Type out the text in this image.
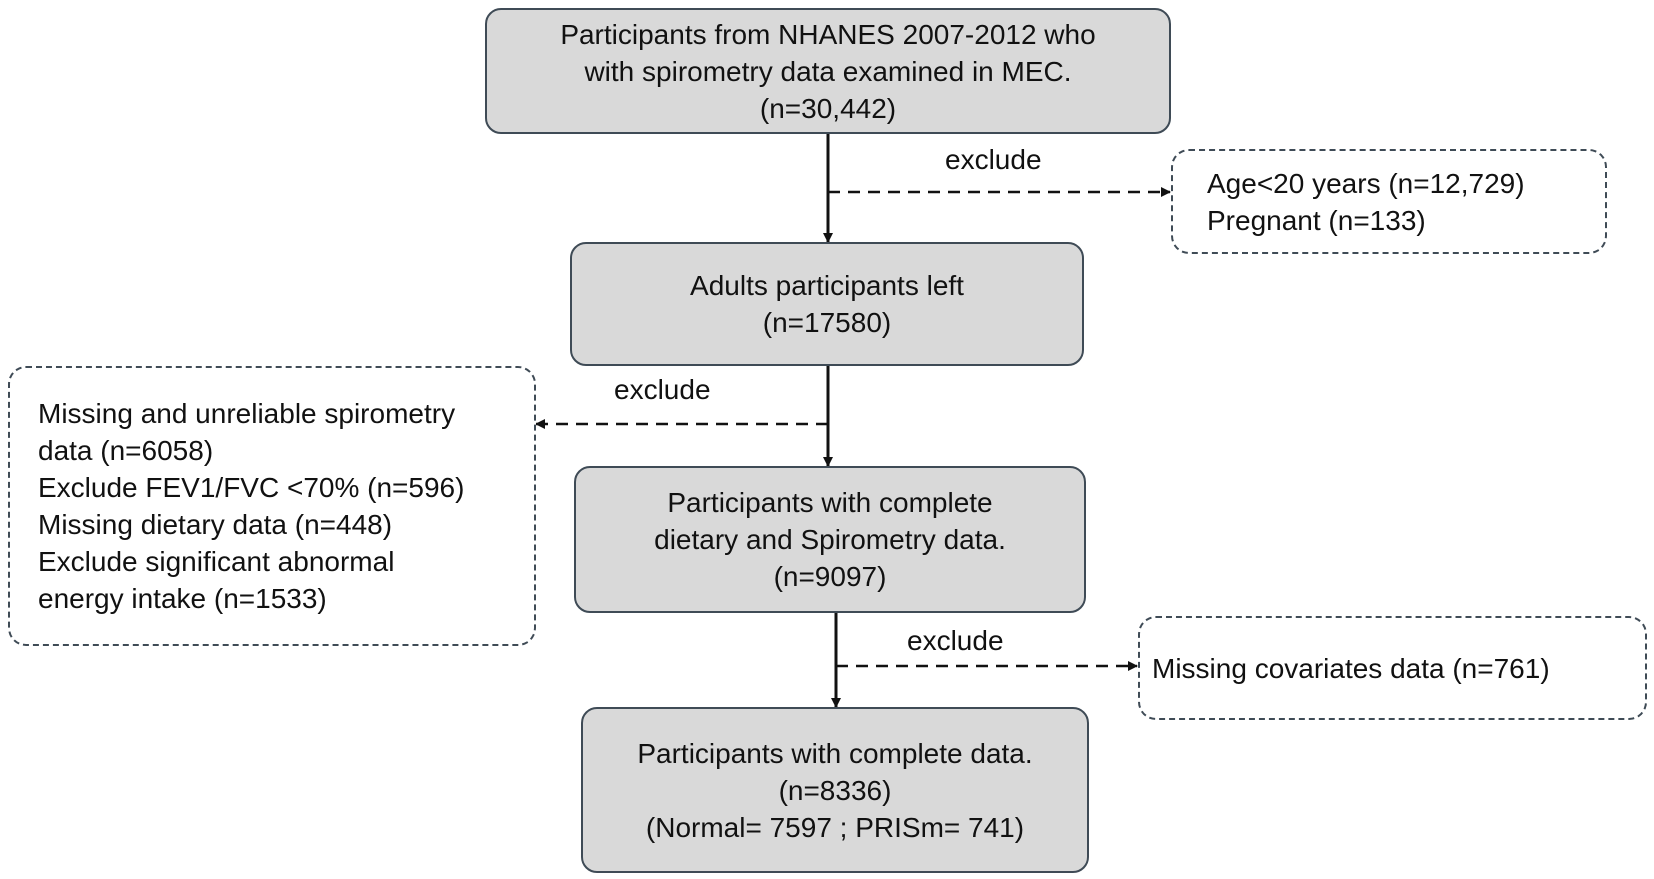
Participants from NHANES 2007-2012 who
with spirometry data examined in MEC.
(n=30,442)
Adults participants left
(n=17580)
Participants with complete
dietary and Spirometry data.
(n=9097)
Participants with complete data.
(n=8336)
(Normal= 7597 ; PRISm= 741)
Age<20 years (n=12,729)
Pregnant (n=133)
Missing and unreliable spirometry
data (n=6058)
Exclude FEV1/FVC <70% (n=596)
Missing dietary data (n=448)
Exclude significant abnormal
energy intake (n=1533)
Missing covariates data (n=761)
exclude
exclude
exclude
